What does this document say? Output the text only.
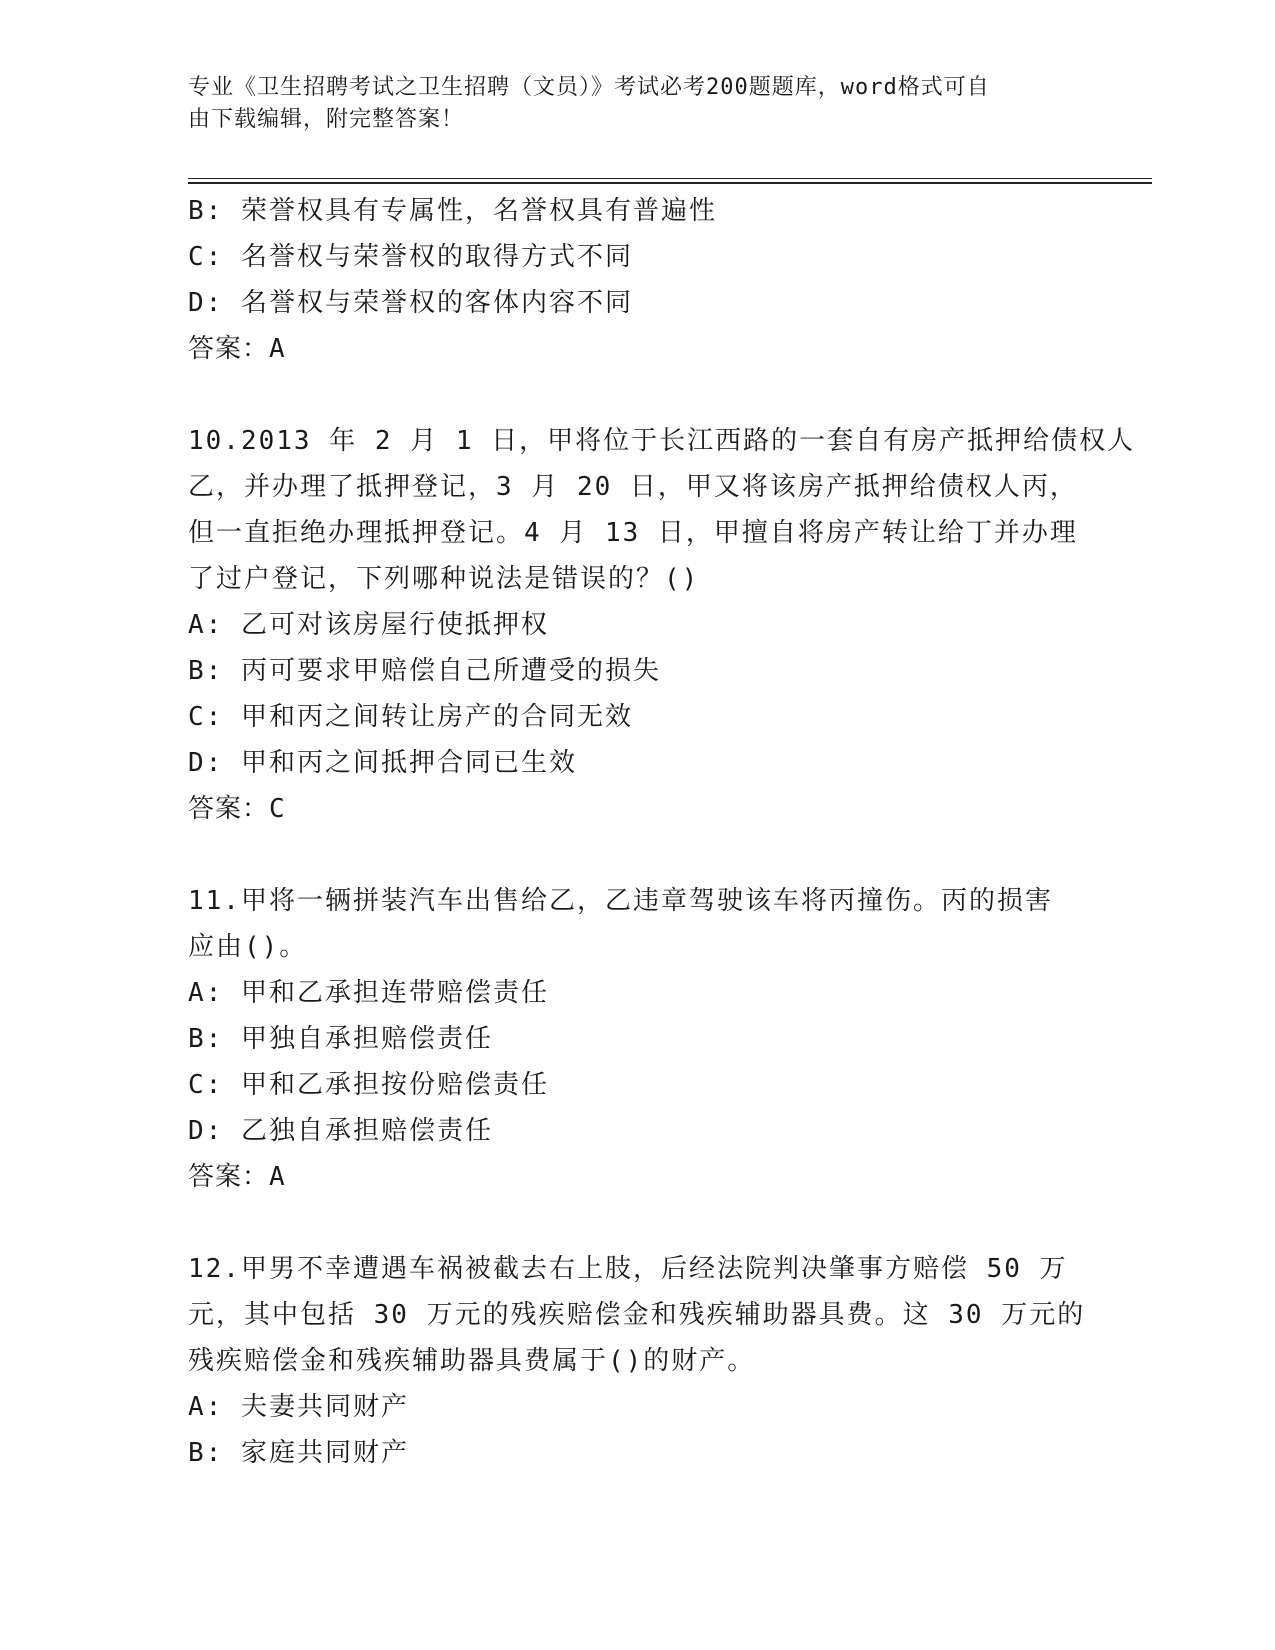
专业《卫生招聘考试之卫生招聘（文员）》考试必考200题题库，word格式可自
由下载编辑，附完整答案！
B: 荣誉权具有专属性，名誉权具有普遍性
C: 名誉权与荣誉权的取得方式不同
D: 名誉权与荣誉权的客体内容不同
答案：A
10.2013 年 2 月 1 日，甲将位于长江西路的一套自有房产抵押给债权人
乙，并办理了抵押登记，3 月 20 日，甲又将该房产抵押给债权人丙，
但一直拒绝办理抵押登记。4 月 13 日，甲擅自将房产转让给丁并办理
了过户登记，下列哪种说法是错误的？()
A: 乙可对该房屋行使抵押权
B: 丙可要求甲赔偿自己所遭受的损失
C: 甲和丙之间转让房产的合同无效
D: 甲和丙之间抵押合同已生效
答案：C
11.甲将一辆拼装汽车出售给乙，乙违章驾驶该车将丙撞伤。丙的损害
应由()。
A: 甲和乙承担连带赔偿责任
B: 甲独自承担赔偿责任
C: 甲和乙承担按份赔偿责任
D: 乙独自承担赔偿责任
答案：A
12.甲男不幸遭遇车祸被截去右上肢，后经法院判决肇事方赔偿 50 万
元，其中包括 30 万元的残疾赔偿金和残疾辅助器具费。这 30 万元的
残疾赔偿金和残疾辅助器具费属于()的财产。
A: 夫妻共同财产
B: 家庭共同财产
